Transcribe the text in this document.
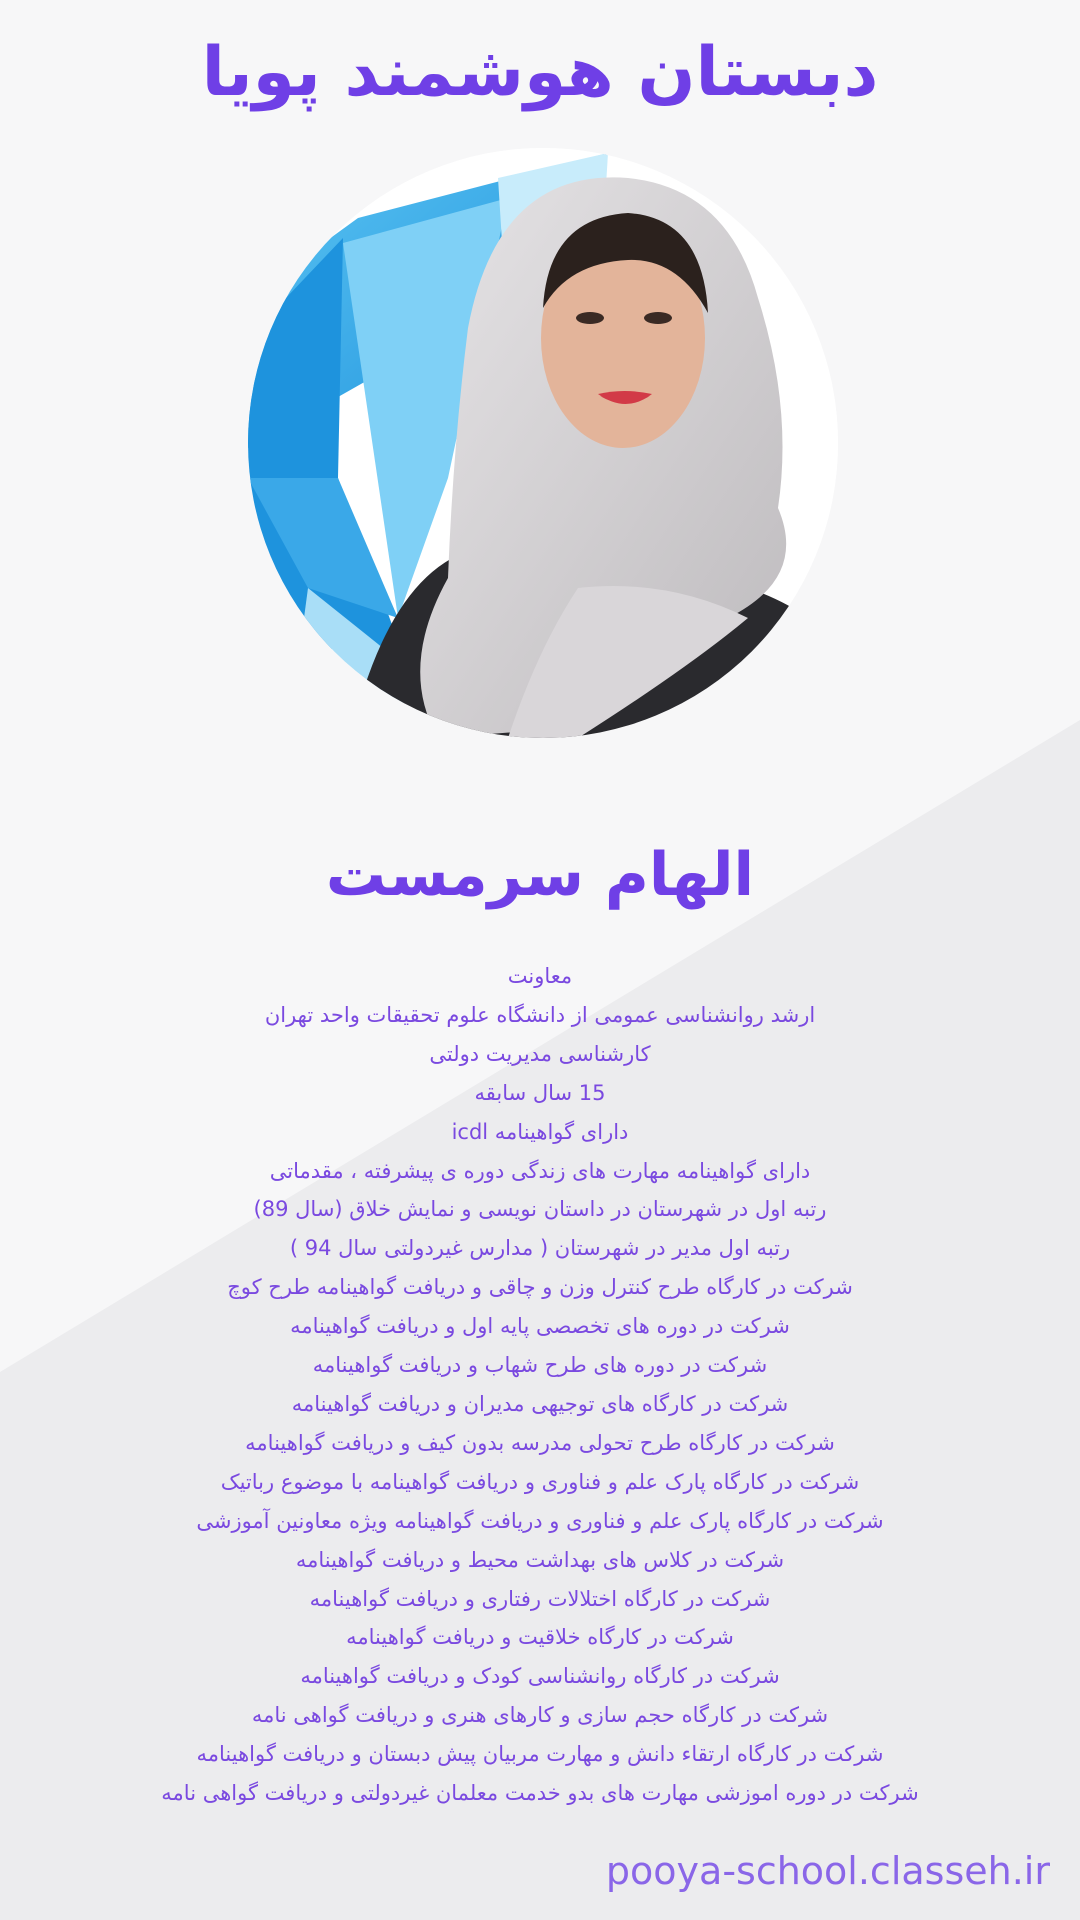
دبستان هوشمند پویا
الهام سرمست
معاونت
ارشد روانشناسی عمومی از دانشگاه علوم تحقیقات واحد تهران
کارشناسی مدیریت دولتی
15 سال سابقه
دارای گواهینامه icdl
دارای گواهینامه مهارت های زندگی دوره ی پیشرفته ، مقدماتی
رتبه اول در شهرستان در داستان نویسی و نمایش خلاق (سال 89)
رتبه اول مدیر در شهرستان ( مدارس غیردولتی سال 94 )
شرکت در کارگاه طرح کنترل وزن و چاقی و دریافت گواهینامه طرح کوچ
شرکت در دوره های تخصصی پایه اول و دریافت گواهینامه
شرکت در دوره های طرح شهاب و دریافت گواهینامه
شرکت در کارگاه های توجیهی مدیران و دریافت گواهینامه
شرکت در کارگاه طرح تحولی مدرسه بدون کیف و دریافت گواهینامه
شرکت در کارگاه پارک علم و فناوری و دریافت گواهینامه با موضوع رباتیک
شرکت در کارگاه پارک علم و فناوری و دریافت گواهینامه ویژه معاونین آموزشی
شرکت در کلاس های بهداشت محیط و دریافت گواهینامه
شرکت در کارگاه اختلالات رفتاری و دریافت گواهینامه
شرکت در کارگاه خلاقیت و دریافت گواهینامه
شرکت در کارگاه روانشناسی کودک و دریافت گواهینامه
شرکت در کارگاه حجم سازی و کارهای هنری و دریافت گواهی نامه
شرکت در کارگاه ارتقاء دانش و مهارت مربیان پیش دبستان و دریافت گواهینامه
شرکت در دوره اموزشی مهارت های بدو خدمت معلمان غیردولتی و دریافت گواهی نامه
pooya-school.classeh.ir
